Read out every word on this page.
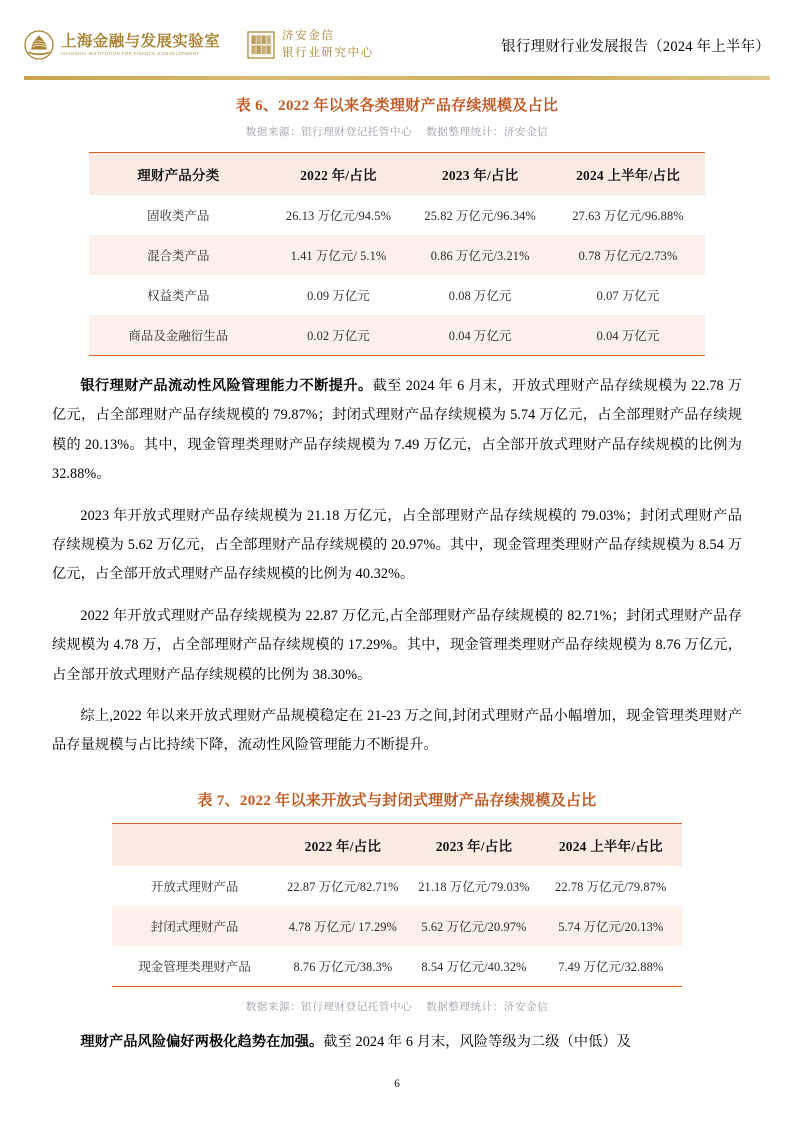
上海金融与发展实验室
SHANGHAI INSTITUTION FOR FINANCE & DEVELOPMENT
济安金信
银行业研究中心	银行理财行业发展报告（2024 年上半年）
表 6、2022 年以来各类理财产品存续规模及占比

数据来源：银行理财登记托管中心 数据整理统计：济安金信

理财产品分类	2022 年/占比	2023 年/占比	2024 上半年/占比
固收类产品	26.13 万亿元/94.5%	25.82 万亿元/96.34%	27.63 万亿元/96.88%
混合类产品	1.41 万亿元/ 5.1%	0.86 万亿元/3.21%	0.78 万亿元/2.73%
权益类产品	0.09 万亿元	0.08 万亿元	0.07 万亿元
商品及金融衍生品	0.02 万亿元	0.04 万亿元	0.04 万亿元

银行理财产品流动性风险管理能力不断提升。截至 2024 年 6 月末，开放式理财产品存续规模为 22.78 万亿元，占全部理财产品存续规模的 79.87%；封闭式理财产品存续规模为 5.74 万亿元，占全部理财产品存续规模的 20.13%。其中，现金管理类理财产品存续规模为 7.49 万亿元，占全部开放式理财产品存续规模的比例为 32.88%。

2023 年开放式理财产品存续规模为 21.18 万亿元，占全部理财产品存续规模的 79.03%；封闭式理财产品存续规模为 5.62 万亿元，占全部理财产品存续规模的 20.97%。其中，现金管理类理财产品存续规模为 8.54 万亿元，占全部开放式理财产品存续规模的比例为 40.32%。

2022 年开放式理财产品存续规模为 22.87 万亿元,占全部理财产品存续规模的 82.71%；封闭式理财产品存续规模为 4.78 万，占全部理财产品存续规模的 17.29%。其中，现金管理类理财产品存续规模为 8.76 万亿元，占全部开放式理财产品存续规模的比例为 38.30%。

综上,2022 年以来开放式理财产品规模稳定在 21-23 万之间,封闭式理财产品小幅增加，现金管理类理财产品存量规模与占比持续下降，流动性风险管理能力不断提升。

表 7、2022 年以来开放式与封闭式理财产品存续规模及占比
	2022 年/占比	2023 年/占比	2024 上半年/占比
开放式理财产品	22.87 万亿元/82.71%	21.18 万亿元/79.03%	22.78 万亿元/79.87%
封闭式理财产品	4.78 万亿元/ 17.29%	5.62 万亿元/20.97%	5.74 万亿元/20.13%
现金管理类理财产品	8.76 万亿元/38.3%	8.54 万亿元/40.32%	7.49 万亿元/32.88%

数据来源：银行理财登记托管中心 数据整理统计：济安金信

理财产品风险偏好两极化趋势在加强。截至 2024 年 6 月末，风险等级为二级（中低）及

6
